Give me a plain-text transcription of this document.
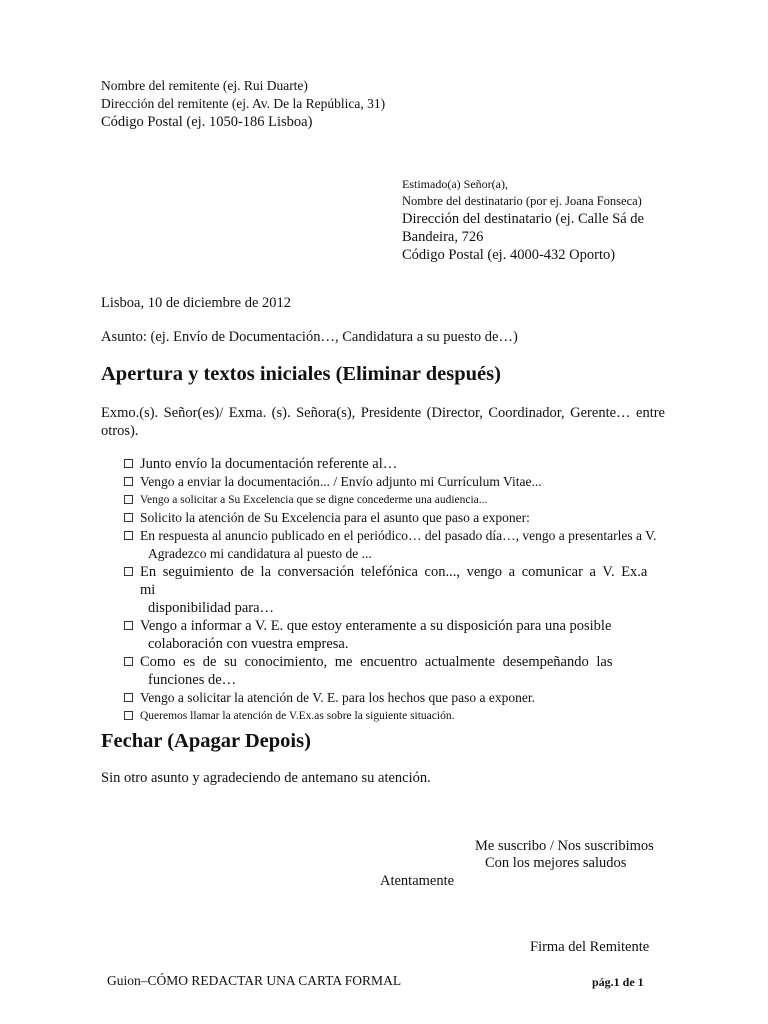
Nombre del remitente (ej. Rui Duarte)
Dirección del remitente (ej. Av. De la República, 31)
Código Postal (ej. 1050-186 Lisboa)
Estimado(a) Señor(a),
Nombre del destinatario (por ej. Joana Fonseca)
Dirección del destinatario (ej. Calle Sá de Bandeira, 726
Código Postal (ej. 4000-432 Oporto)
Lisboa, 10 de diciembre de 2012
Asunto: (ej. Envío de Documentación…, Candidatura a su puesto de…)
Apertura y textos iniciales (Eliminar después)
Exmo.(s). Señor(es)/ Exma. (s). Señora(s), Presidente (Director, Coordinador, Gerente… entre otros).
Junto envío la documentación referente al…
Vengo a enviar la documentación... / Envío adjunto mi Currículum Vitae...
Vengo a solicitar a Su Excelencia que se digne concederme una audiencia...
Solicito la atención de Su Excelencia para el asunto que paso a exponer:
En respuesta al anuncio publicado en el periódico… del pasado día…, vengo a presentarles a V.
Agradezco mi candidatura al puesto de ...
En seguimiento de la conversación telefónica con..., vengo a comunicar a V. Ex.a mi
disponibilidad para…
Vengo a informar a V. E. que estoy enteramente a su disposición para una posible
colaboración con vuestra empresa.
Como es de su conocimiento, me encuentro actualmente desempeñando las
funciones de…
Vengo a solicitar la atención de V. E. para los hechos que paso a exponer.
Queremos llamar la atención de V.Ex.as sobre la siguiente situación.
Fechar (Apagar Depois)
Sin otro asunto y agradeciendo de antemano su atención.
Me suscribo / Nos suscribimos
Con los mejores saludos
Atentamente
Firma del Remitente
Guion–CÓMO REDACTAR UNA CARTA FORMAL	pág.1 de 1
